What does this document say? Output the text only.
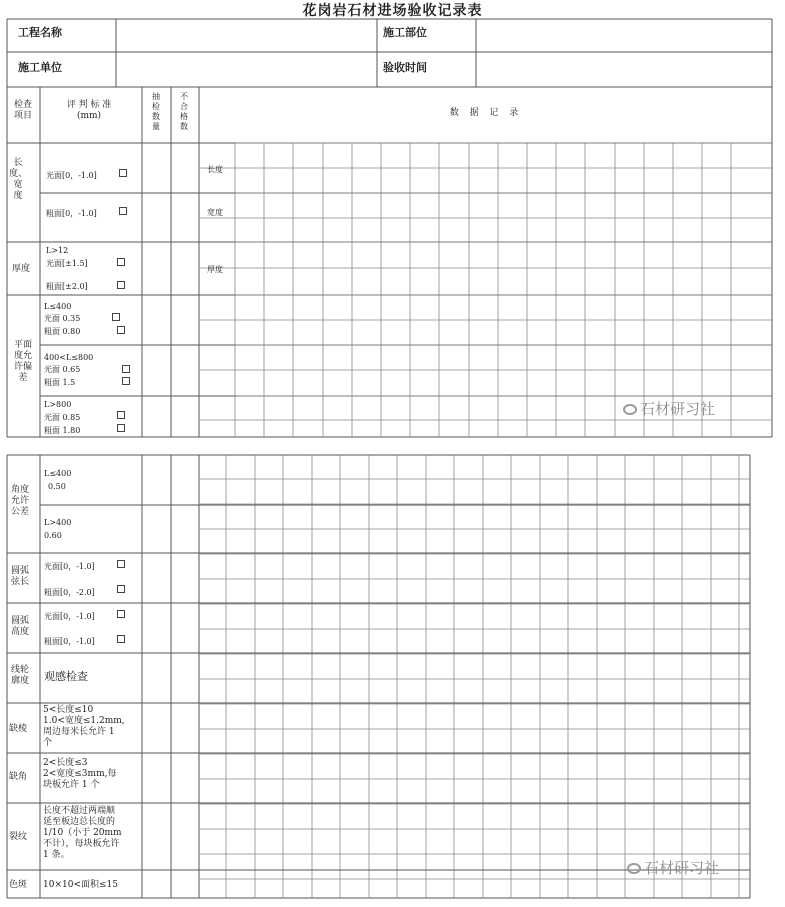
花岗岩石材进场验收记录表
工程名称	施工部位
施工单位	验收时间
检查
项目
评 判 标 准
(mm)
抽
检
数
量
不
合
格
数
数 据 记 录
长
度、
宽
度
光面[0，-1.0]
粗面[0，-1.0]
长度
宽度
厚度
L>12
光面[±1.5]
粗面[±2.0]
厚度
平面
度允
许偏
差
L≤400
光面 0.35
粗面 0.80
400<L≤800
光面 0.65
粗面 1.5
L>800
光面 0.85
粗面 1.80
石材研习社
角度
允许
公差
L≤400
0.50
L>400
0.60
圆弧
弦长
光面[0，-1.0]
粗面[0，-2.0]
圆弧
高度
光面[0，-1.0]
粗面[0，-1.0]
线轮
廓度 观感检查
缺棱
5<长度≤10
1.0<宽度≤1.2mm,
周边每米长允许 1
个
缺角
2<长度≤3
2<宽度≤3mm,每
块板允许 1 个
裂纹
长度不超过两端顺
延至板边总长度的
1/10（小于 20mm
不计），每块板允许
1 条。
色斑 10×10<面积≤15
石材研习社
